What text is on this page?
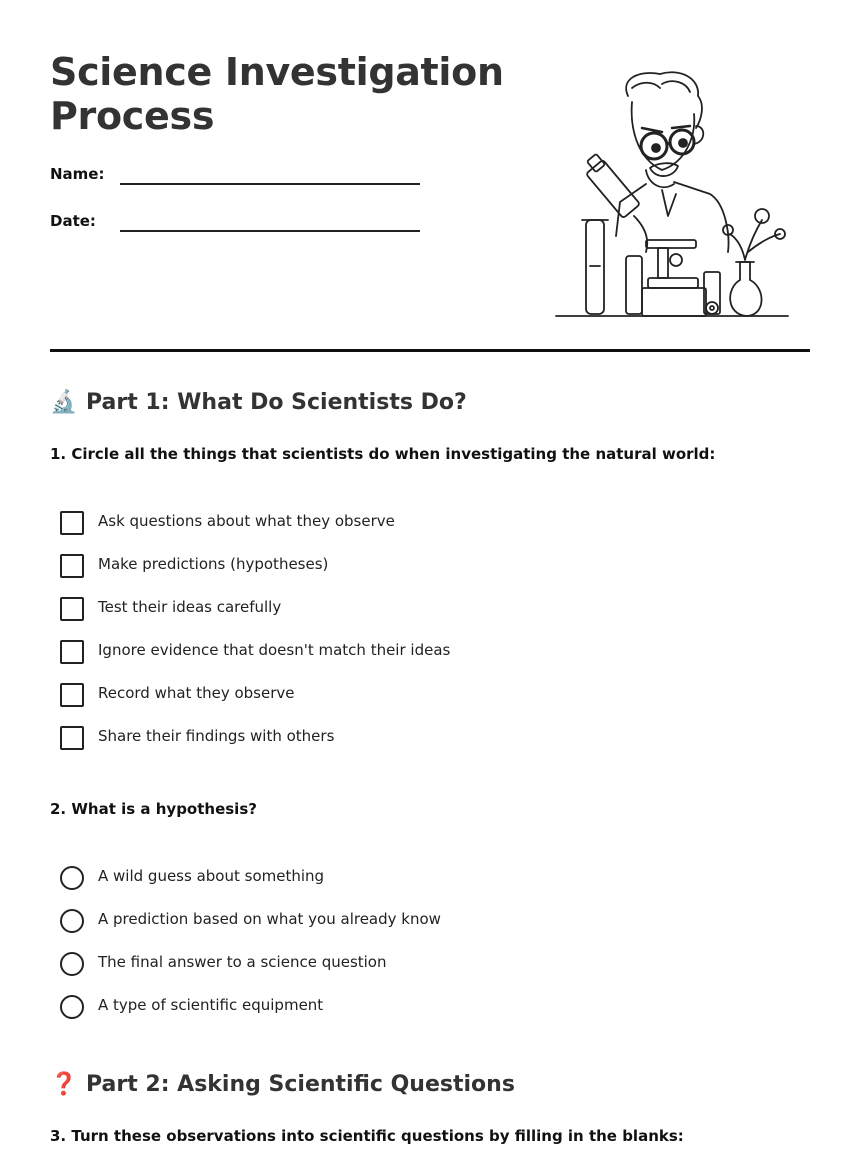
Science Investigation
Process
Name:
Date:
🔬 Part 1: What Do Scientists Do?
1. Circle all the things that scientists do when investigating the natural world:
Ask questions about what they observe
Make predictions (hypotheses)
Test their ideas carefully
Ignore evidence that doesn't match their ideas
Record what they observe
Share their findings with others
2. What is a hypothesis?
A wild guess about something
A prediction based on what you already know
The final answer to a science question
A type of scientific equipment
❓ Part 2: Asking Scientific Questions
3. Turn these observations into scientific questions by filling in the blanks:
